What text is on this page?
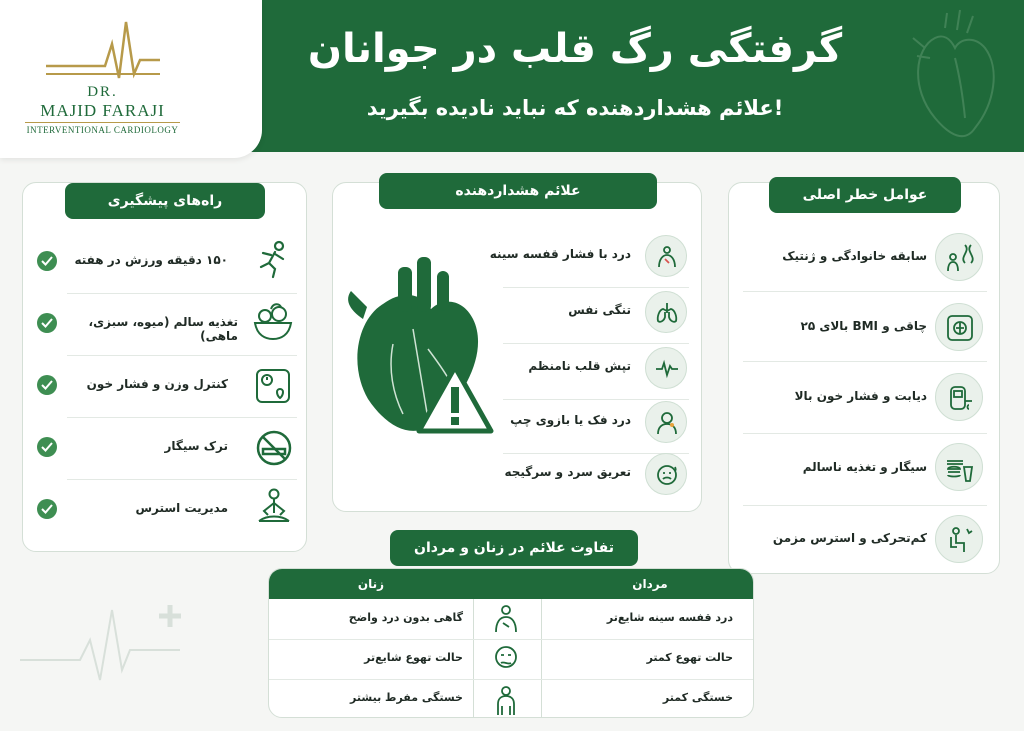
DR.
MAJID FARAJI
INTERVENTIONAL CARDIOLOGY
گرفتگی رگ قلب در جوانان
علائم هشداردهنده که نباید نادیده بگیرید!
راه‌های پیشگیری
۱۵۰ دقیقه ورزش در هفته
تغذیه سالم (میوه، سبزی، ماهی)
کنترل وزن و فشار خون
ترک سیگار
مدیریت استرس
علائم هشداردهنده
درد با فشار قفسه سینه
تنگی نفس
تپش قلب نامنظم
درد فک یا بازوی چپ
تعریق سرد و سرگیجه
عوامل خطر اصلی
سابقه خانوادگی و ژنتیک
چاقی و BMI بالای ۲۵
دیابت و فشار خون بالا
سیگار و تغذیه ناسالم
کم‌تحرکی و استرس مزمن
تفاوت علائم در زنان و مردان
زنان	مردان
گاهی بدون درد واضح	درد قفسه سینه شایع‌تر
حالت تهوع شایع‌تر	حالت تهوع کمتر
خستگی مفرط بیشتر	خستگی کمتر
